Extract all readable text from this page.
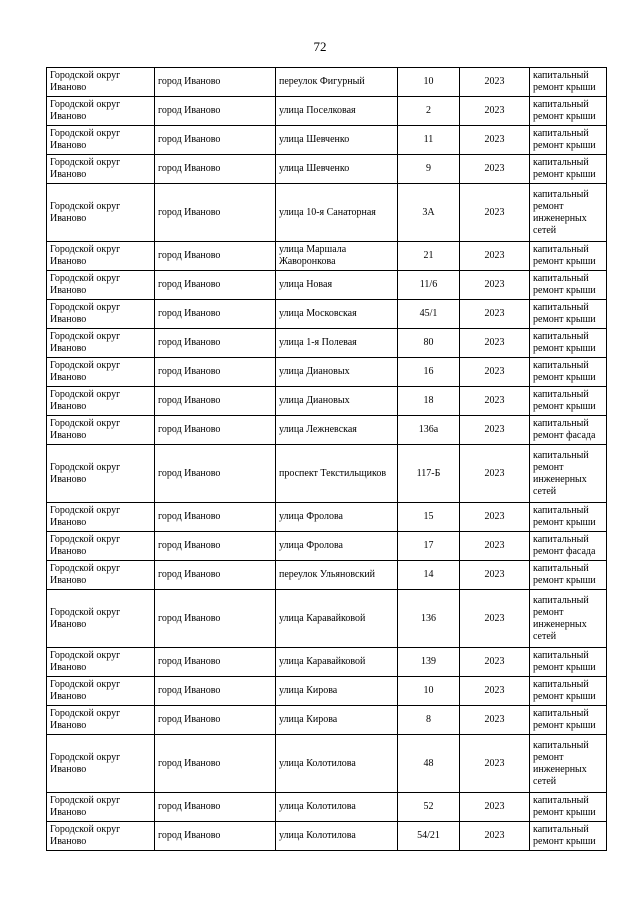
72
Городской округ Иваново	город Иваново	переулок Фигурный	10	2023	капитальный ремонт крыши
Городской округ Иваново	город Иваново	улица Поселковая	2	2023	капитальный ремонт крыши
Городской округ Иваново	город Иваново	улица Шевченко	11	2023	капитальный ремонт крыши
Городской округ Иваново	город Иваново	улица Шевченко	9	2023	капитальный ремонт крыши
Городской округ Иваново	город Иваново	улица 10-я Санаторная	3А	2023	капитальный ремонт инженерных сетей
Городской округ Иваново	город Иваново	улица Маршала Жаворонкова	21	2023	капитальный ремонт крыши
Городской округ Иваново	город Иваново	улица Новая	11/6	2023	капитальный ремонт крыши
Городской округ Иваново	город Иваново	улица Московская	45/1	2023	капитальный ремонт крыши
Городской округ Иваново	город Иваново	улица 1-я Полевая	80	2023	капитальный ремонт крыши
Городской округ Иваново	город Иваново	улица Диановых	16	2023	капитальный ремонт крыши
Городской округ Иваново	город Иваново	улица Диановых	18	2023	капитальный ремонт крыши
Городской округ Иваново	город Иваново	улица Лежневская	136а	2023	капитальный ремонт фасада
Городской округ Иваново	город Иваново	проспект Текстильщиков	117-Б	2023	капитальный ремонт инженерных сетей
Городской округ Иваново	город Иваново	улица Фролова	15	2023	капитальный ремонт крыши
Городской округ Иваново	город Иваново	улица Фролова	17	2023	капитальный ремонт фасада
Городской округ Иваново	город Иваново	переулок Ульяновский	14	2023	капитальный ремонт крыши
Городской округ Иваново	город Иваново	улица Каравайковой	136	2023	капитальный ремонт инженерных сетей
Городской округ Иваново	город Иваново	улица Каравайковой	139	2023	капитальный ремонт крыши
Городской округ Иваново	город Иваново	улица Кирова	10	2023	капитальный ремонт крыши
Городской округ Иваново	город Иваново	улица Кирова	8	2023	капитальный ремонт крыши
Городской округ Иваново	город Иваново	улица Колотилова	48	2023	капитальный ремонт инженерных сетей
Городской округ Иваново	город Иваново	улица Колотилова	52	2023	капитальный ремонт крыши
Городской округ Иваново	город Иваново	улица Колотилова	54/21	2023	капитальный ремонт крыши
